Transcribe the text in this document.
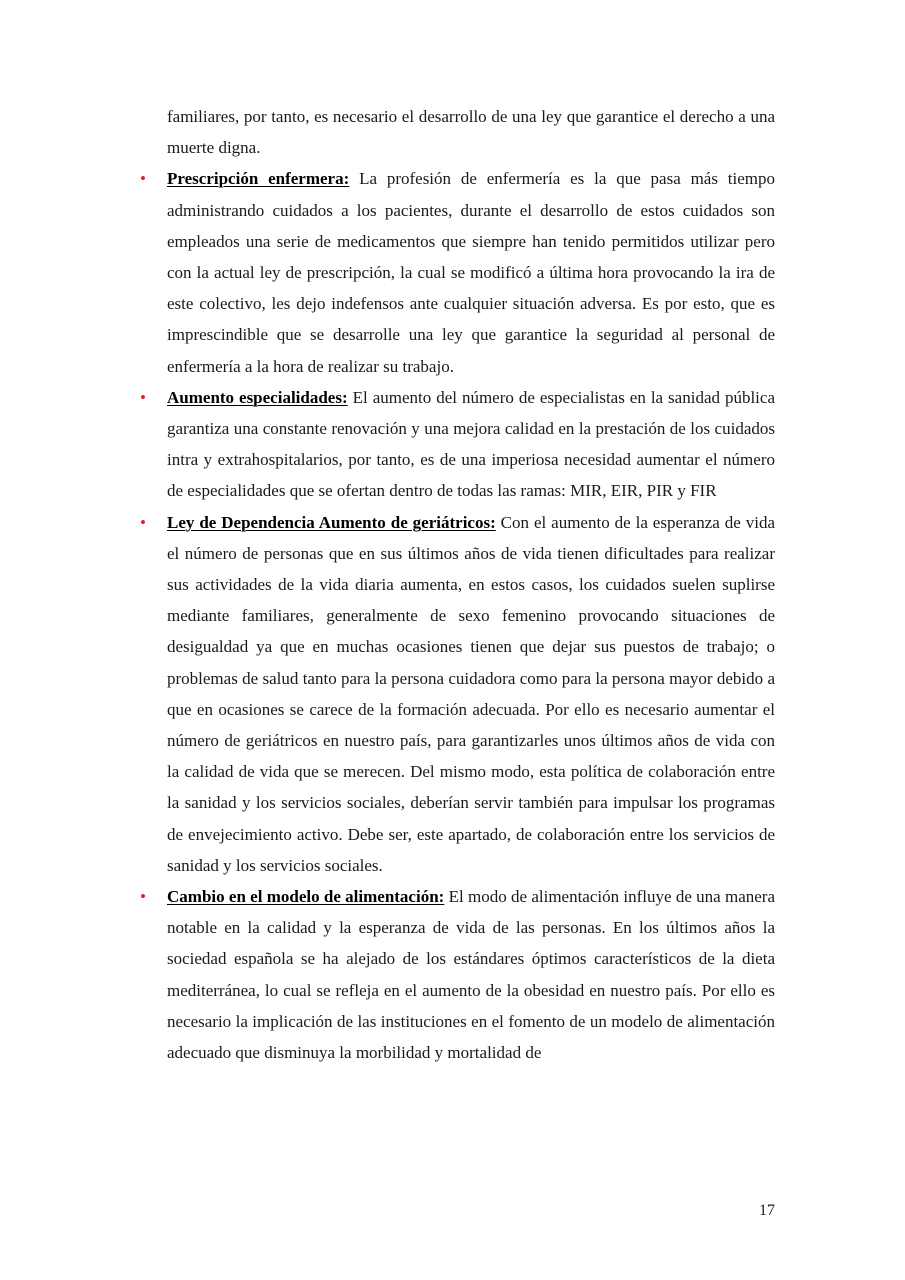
familiares, por tanto, es necesario el desarrollo de una ley que garantice el derecho a una muerte digna.

• Prescripción enfermera: La profesión de enfermería es la que pasa más tiempo administrando cuidados a los pacientes, durante el desarrollo de estos cuidados son empleados una serie de medicamentos que siempre han tenido permitidos utilizar pero con la actual ley de prescripción, la cual se modificó a última hora provocando la ira de este colectivo, les dejo indefensos ante cualquier situación adversa. Es por esto, que es imprescindible que se desarrolle una ley que garantice la seguridad al personal de enfermería a la hora de realizar su trabajo.

• Aumento especialidades: El aumento del número de especialistas en la sanidad pública garantiza una constante renovación y una mejora calidad en la prestación de los cuidados intra y extrahospitalarios, por tanto, es de una imperiosa necesidad aumentar el número de especialidades que se ofertan dentro de todas las ramas: MIR, EIR, PIR y FIR

• Ley de Dependencia Aumento de geriátricos: Con el aumento de la esperanza de vida el número de personas que en sus últimos años de vida tienen dificultades para realizar sus actividades de la vida diaria aumenta, en estos casos, los cuidados suelen suplirse mediante familiares, generalmente de sexo femenino provocando situaciones de desigualdad ya que en muchas ocasiones tienen que dejar sus puestos de trabajo; o problemas de salud tanto para la persona cuidadora como para la persona mayor debido a que en ocasiones se carece de la formación adecuada. Por ello es necesario aumentar el número de geriátricos en nuestro país, para garantizarles unos últimos años de vida con la calidad de vida que se merecen. Del mismo modo, esta política de colaboración entre la sanidad y los servicios sociales, deberían servir también para impulsar los programas de envejecimiento activo. Debe ser, este apartado, de colaboración entre los servicios de sanidad y los servicios sociales.

• Cambio en el modelo de alimentación: El modo de alimentación influye de una manera notable en la calidad y la esperanza de vida de las personas. En los últimos años la sociedad española se ha alejado de los estándares óptimos característicos de la dieta mediterránea, lo cual se refleja en el aumento de la obesidad en nuestro país. Por ello es necesario la implicación de las instituciones en el fomento de un modelo de alimentación adecuado que disminuya la morbilidad y mortalidad de

17
